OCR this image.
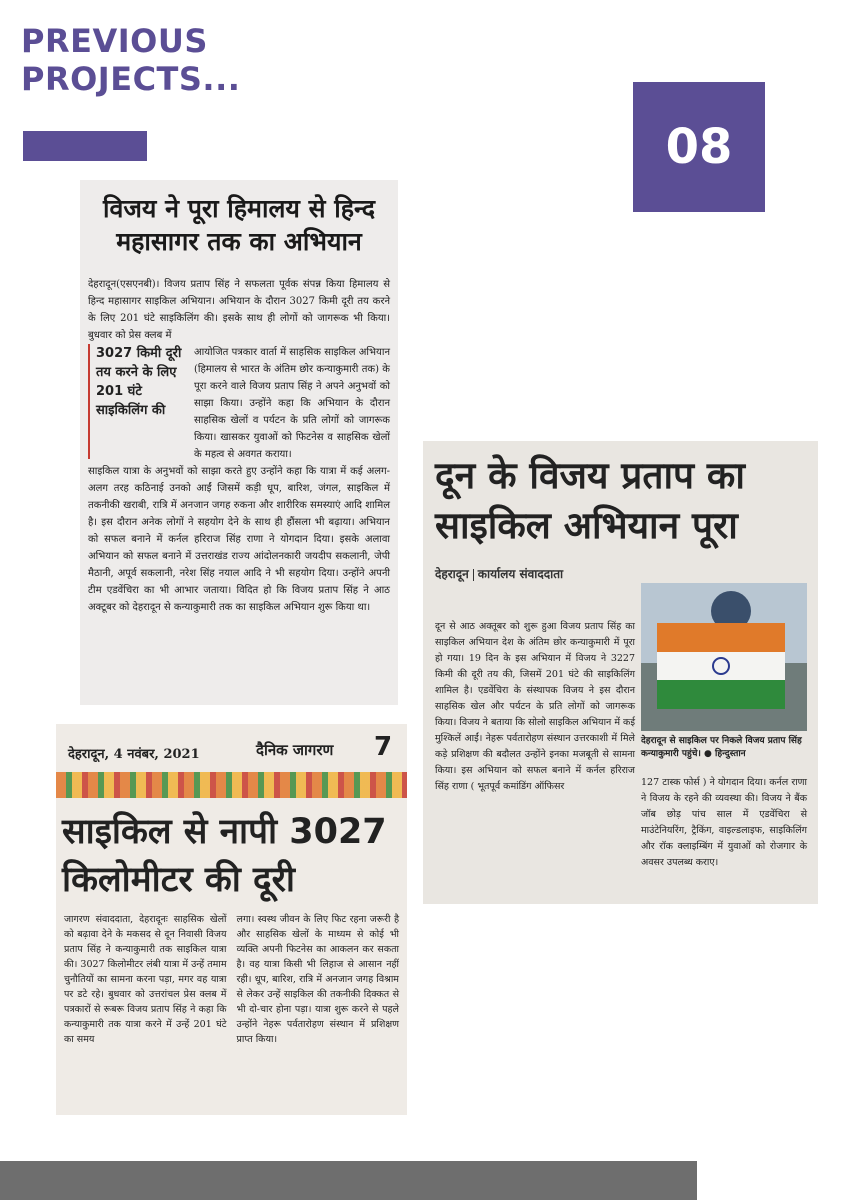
PREVIOUS
PROJECTS...
08
विजय ने पूरा हिमालय से हिन्द
महासागर तक का अभियान

देहरादून(एसएनबी)। विजय प्रताप सिंह ने सफलता पूर्वक संपन्न किया हिमालय से हिन्द महासागर साइकिल अभियान। अभियान के दौरान 3027 किमी दूरी तय करने के लिए 201 घंटे साइकिलिंग की। इसके साथ ही लोगों को जागरूक भी किया। बुधवार को प्रेस क्लब में

3027 किमी दूरी तय करने के लिए 201 घंटे साइकिलिंग की

आयोजित पत्रकार वार्ता में साहसिक साइकिल अभियान (हिमालय से भारत के अंतिम छोर कन्याकुमारी तक) के पूरा करने वाले विजय प्रताप सिंह ने अपने अनुभवों को साझा किया। उन्होंने कहा कि अभियान के दौरान साहसिक खेलों व पर्यटन के प्रति लोगों को जागरूक किया। खासकर युवाओं को फिटनेस व साहसिक खेलों के महत्व से अवगत कराया।

साइकिल यात्रा के अनुभवों को साझा करते हुए उन्होंने कहा कि यात्रा में कई अलग-अलग तरह कठिनाई उनको आईं जिसमें कड़ी धूप, बारिश, जंगल, साइकिल में तकनीकी खराबी, रात्रि में अनजान जगह रुकना और शारीरिक समस्याएं आदि शामिल है। इस दौरान अनेक लोगों ने सहयोग देने के साथ ही हौंसला भी बढ़ाया। अभियान को सफल बनाने में कर्नल हरिराज सिंह राणा ने योगदान दिया। इसके अलावा अभियान को सफल बनाने में उत्तराखंड राज्य आंदोलनकारी जयदीप सकलानी, जेपी मैठानी, अपूर्व सकलानी, नरेश सिंह नयाल आदि ने भी सहयोग दिया। उन्होंने अपनी टीम एडवेंचिरा का भी आभार जताया। विदित हो कि विजय प्रताप सिंह ने आठ अक्टूबर को देहरादून से कन्याकुमारी तक का साइकिल अभियान शुरू किया था।

दून के विजय प्रताप का
साइकिल अभियान पूरा
देहरादून कार्यालय संवाददाता

देहरादून से साइकिल पर निकले विजय प्रताप सिंह कन्याकुमारी पहुंचे। ● हिन्दुस्तान

दून से आठ अक्तूबर को शुरू हुआ विजय प्रताप सिंह का साइकिल अभियान देश के अंतिम छोर कन्याकुमारी में पूरा हो गया। 19 दिन के इस अभियान में विजय ने 3227 किमी की दूरी तय की, जिसमें 201 घंटे की साइकिलिंग शामिल है। एडवेंचिरा के संस्थापक विजय ने इस दौरान साहसिक खेल और पर्यटन के प्रति लोगों को जागरूक किया। विजय ने बताया कि सोलो साइकिल अभियान में कई मुश्किलें आईं। नेहरू पर्वतारोहण संस्थान उत्तरकाशी में मिले कड़े प्रशिक्षण की बदौलत उन्होंने इनका मजबूती से सामना किया। इस अभियान को सफल बनाने में कर्नल हरिराज सिंह राणा ( भूतपूर्व कमांडिंग ऑफिसर	127 टास्क फोर्स ) ने योगदान दिया। कर्नल राणा ने विजय के रहने की व्यवस्था की। विजय ने बैंक जॉब छोड़ पांच साल में एडवेंचिरा से माउंटेनियरिंग, ट्रैकिंग, वाइल्डलाइफ, साइकिलिंग और रॉक क्लाइम्बिंग में युवाओं को रोजगार के अवसर उपलब्ध कराए।

देहरादून, 4 नवंबर, 2021	दैनिक जागरण 7
साइकिल से नापी 3027
किलोमीटर की दूरी

जागरण संवाददाता, देहरादूनः साहसिक खेलों को बढ़ावा देने के मकसद से दून निवासी विजय प्रताप सिंह ने कन्याकुमारी तक साइकिल यात्रा की। 3027 किलोमीटर लंबी यात्रा में उन्हें तमाम चुनौतियों का सामना करना पड़ा, मगर वह यात्रा पर डटे रहे। बुधवार को उत्तरांचल प्रेस क्लब में पत्रकारों से रूबरू विजय प्रताप सिंह ने कहा कि कन्याकुमारी तक यात्रा करने में उन्हें 201 घंटे का समय

लगा। स्वस्थ जीवन के लिए फिट रहना जरूरी है और साहसिक खेलों के माध्यम से कोई भी व्यक्ति अपनी फिटनेस का आकलन कर सकता है। वह यात्रा किसी भी लिहाज से आसान नहीं रही। धूप, बारिश, रात्रि में अनजान जगह विश्राम से लेकर उन्हें साइकिल की तकनीकी दिक्कत से भी दो-चार होना पड़ा। यात्रा शुरू करने से पहले उन्होंने नेहरू पर्वतारोहण संस्थान में प्रशिक्षण प्राप्त किया।
